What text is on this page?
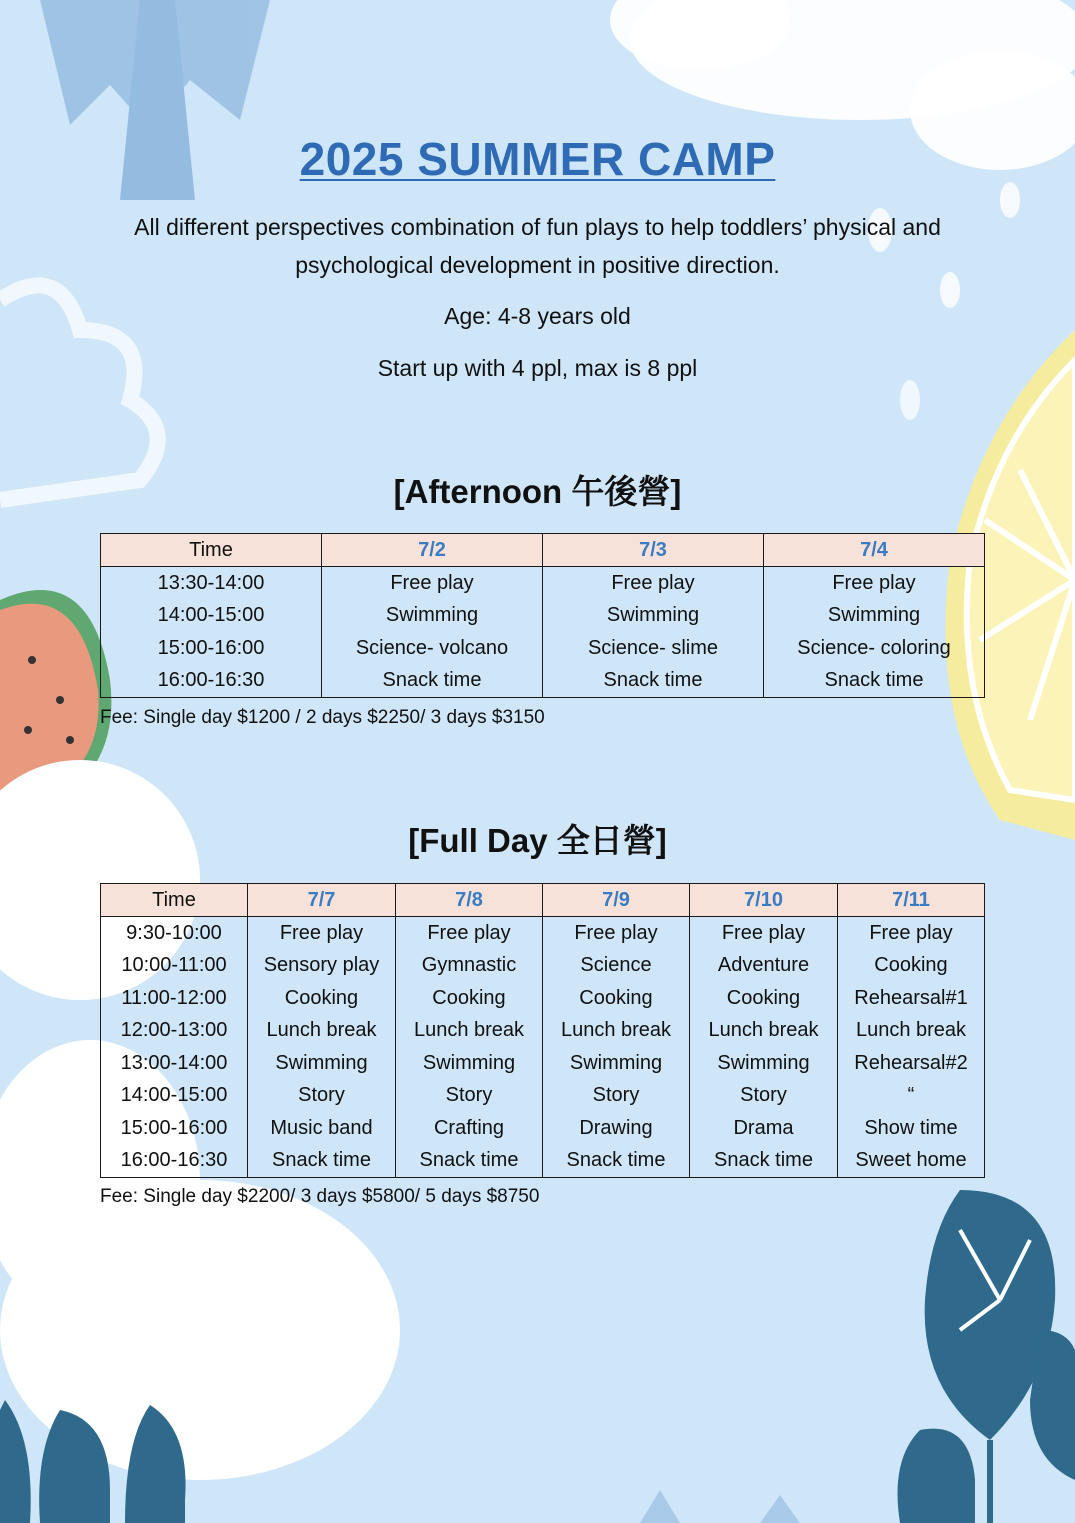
2025 SUMMER CAMP
All different perspectives combination of fun plays to help toddlers’ physical and psychological development in positive direction.
Age: 4-8 years old
Start up with 4 ppl, max is 8 ppl
[Afternoon 午後營]
Time	7/2	7/3	7/4
13:30-14:00	Free play	Free play	Free play
14:00-15:00	Swimming	Swimming	Swimming
15:00-16:00	Science- volcano	Science- slime	Science- coloring
16:00-16:30	Snack time	Snack time	Snack time
Fee: Single day $1200 / 2 days $2250/ 3 days $3150
[Full Day 全日營]
Time	7/7	7/8	7/9	7/10	7/11
9:30-10:00	Free play	Free play	Free play	Free play	Free play
10:00-11:00	Sensory play	Gymnastic	Science	Adventure	Cooking
11:00-12:00	Cooking	Cooking	Cooking	Cooking	Rehearsal#1
12:00-13:00	Lunch break	Lunch break	Lunch break	Lunch break	Lunch break
13:00-14:00	Swimming	Swimming	Swimming	Swimming	Rehearsal#2
14:00-15:00	Story	Story	Story	Story	“
15:00-16:00	Music band	Crafting	Drawing	Drama	Show time
16:00-16:30	Snack time	Snack time	Snack time	Snack time	Sweet home
Fee: Single day $2200/ 3 days $5800/ 5 days $8750
